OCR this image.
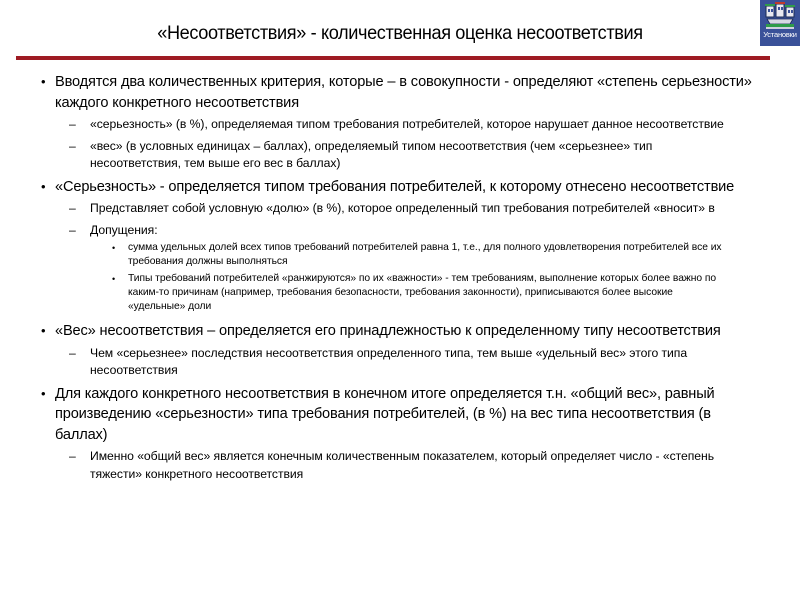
«Несоответствия» - количественная оценка несоответствия	Установки
• Вводятся два количественных критерия, которые – в совокупности - определяют «степень серьезности» каждого конкретного несоответствия
– «серьезность» (в %), определяемая типом требования потребителей, которое нарушает данное несоответствие
– «вес» (в условных единицах – баллах), определяемый типом несоответствия (чем «серьезнее» тип несоответствия, тем выше его вес в баллах)
• «Серьезность» - определяется типом требования потребителей, к которому отнесено несоответствие
– Представляет собой условную «долю» (в %), которое определенный тип требования потребителей «вносит» в
– Допущения:
• сумма удельных долей всех типов требований потребителей равна 1, т.е., для полного удовлетворения потребителей все их требования должны выполняться
• Типы требований потребителей «ранжируются» по их «важности» - тем требованиям, выполнение которых более важно по каким-то причинам (например, требования безопасности, требования законности), приписываются более высокие «удельные» доли
• «Вес» несоответствия – определяется его принадлежностью к определенному типу несоответствия
– Чем «серьезнее» последствия несоответствия определенного типа, тем выше «удельный вес» этого типа несоответствия
• Для каждого конкретного несоответствия в конечном итоге определяется т.н. «общий вес», равный произведению «серьезности» типа требования потребителей, (в %) на вес типа несоответствия (в баллах)
– Именно «общий вес» является конечным количественным показателем, который определяет число - «степень тяжести» конкретного несоответствия
